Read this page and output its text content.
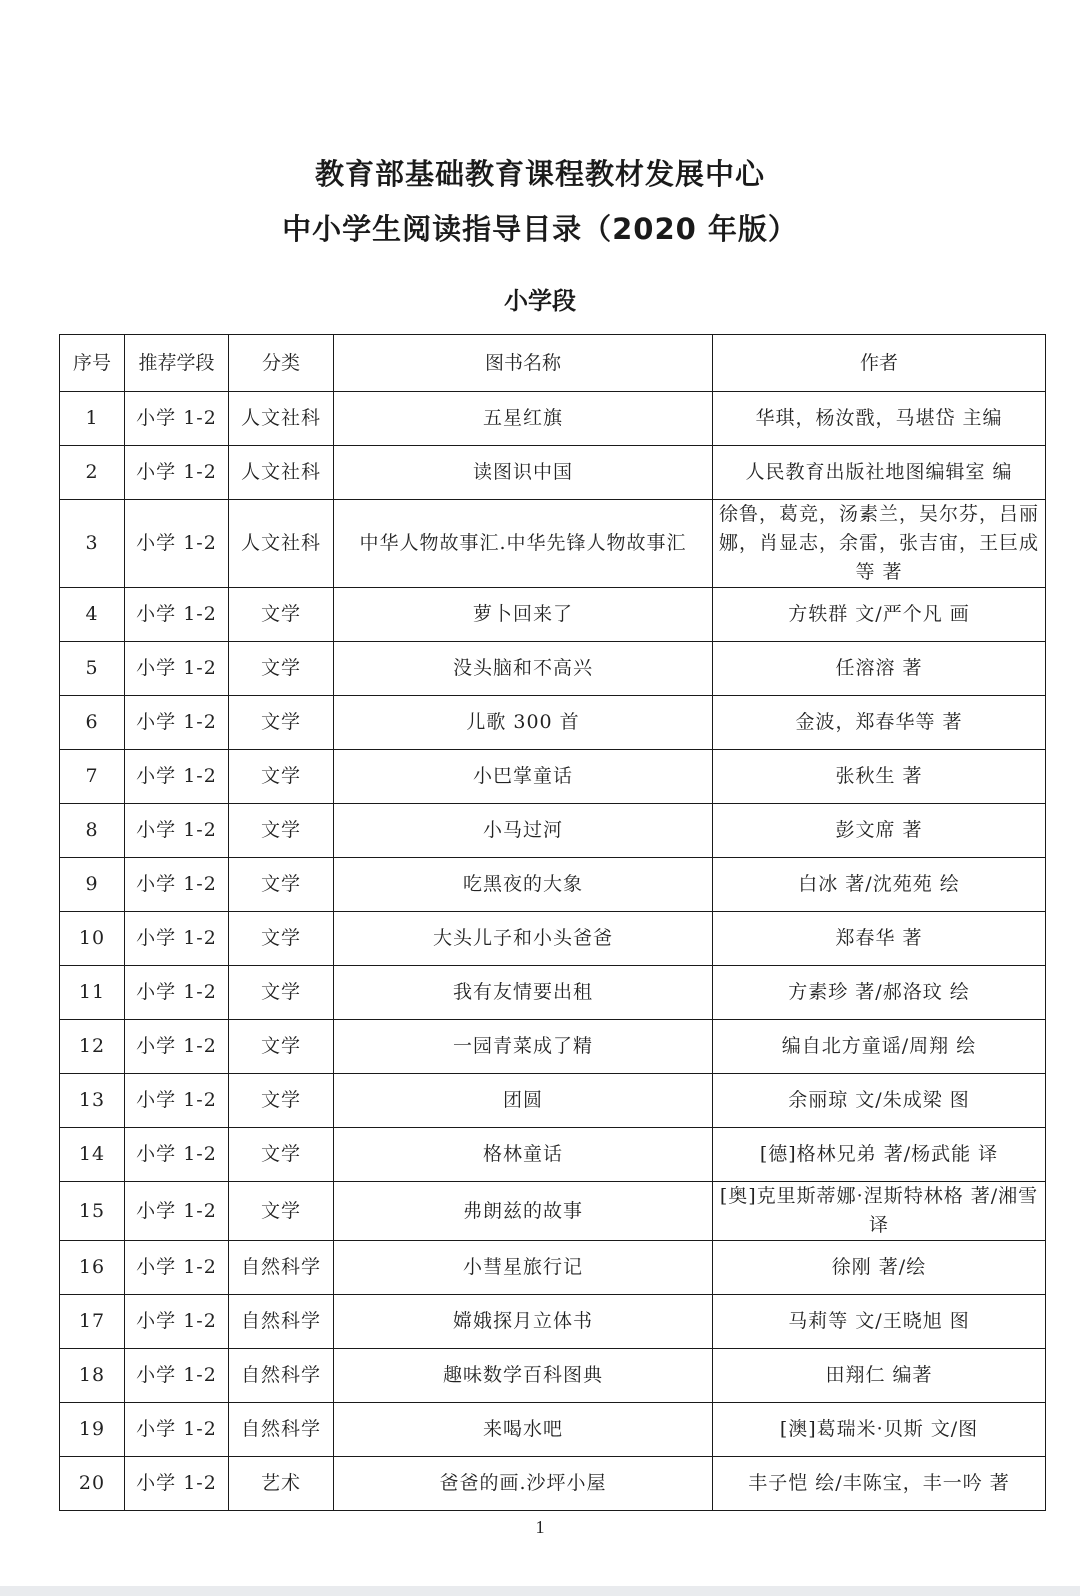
教育部基础教育课程教材发展中心
中小学生阅读指导目录（2020 年版）
小学段
序号	推荐学段	分类	图书名称	作者
1	小学 1-2	人文社科	五星红旗	华琪，杨汝戬，马堪岱 主编
2	小学 1-2	人文社科	读图识中国	人民教育出版社地图编辑室 编
3	小学 1-2	人文社科	中华人物故事汇.中华先锋人物故事汇	徐鲁，葛竞，汤素兰，吴尔芬，吕丽娜，肖显志，余雷，张吉宙，王巨成等 著
4	小学 1-2	文学	萝卜回来了	方轶群 文/严个凡 画
5	小学 1-2	文学	没头脑和不高兴	任溶溶 著
6	小学 1-2	文学	儿歌 300 首	金波，郑春华等 著
7	小学 1-2	文学	小巴掌童话	张秋生 著
8	小学 1-2	文学	小马过河	彭文席 著
9	小学 1-2	文学	吃黑夜的大象	白冰 著/沈苑苑 绘
10	小学 1-2	文学	大头儿子和小头爸爸	郑春华 著
11	小学 1-2	文学	我有友情要出租	方素珍 著/郝洛玟 绘
12	小学 1-2	文学	一园青菜成了精	编自北方童谣/周翔 绘
13	小学 1-2	文学	团圆	余丽琼 文/朱成梁 图
14	小学 1-2	文学	格林童话	[德]格林兄弟 著/杨武能 译
15	小学 1-2	文学	弗朗兹的故事	[奥]克里斯蒂娜·涅斯特林格 著/湘雪 译
16	小学 1-2	自然科学	小彗星旅行记	徐刚 著/绘
17	小学 1-2	自然科学	嫦娥探月立体书	马莉等 文/王晓旭 图
18	小学 1-2	自然科学	趣味数学百科图典	田翔仁 编著
19	小学 1-2	自然科学	来喝水吧	[澳]葛瑞米·贝斯 文/图
20	小学 1-2	艺术	爸爸的画.沙坪小屋	丰子恺 绘/丰陈宝，丰一吟 著
1
